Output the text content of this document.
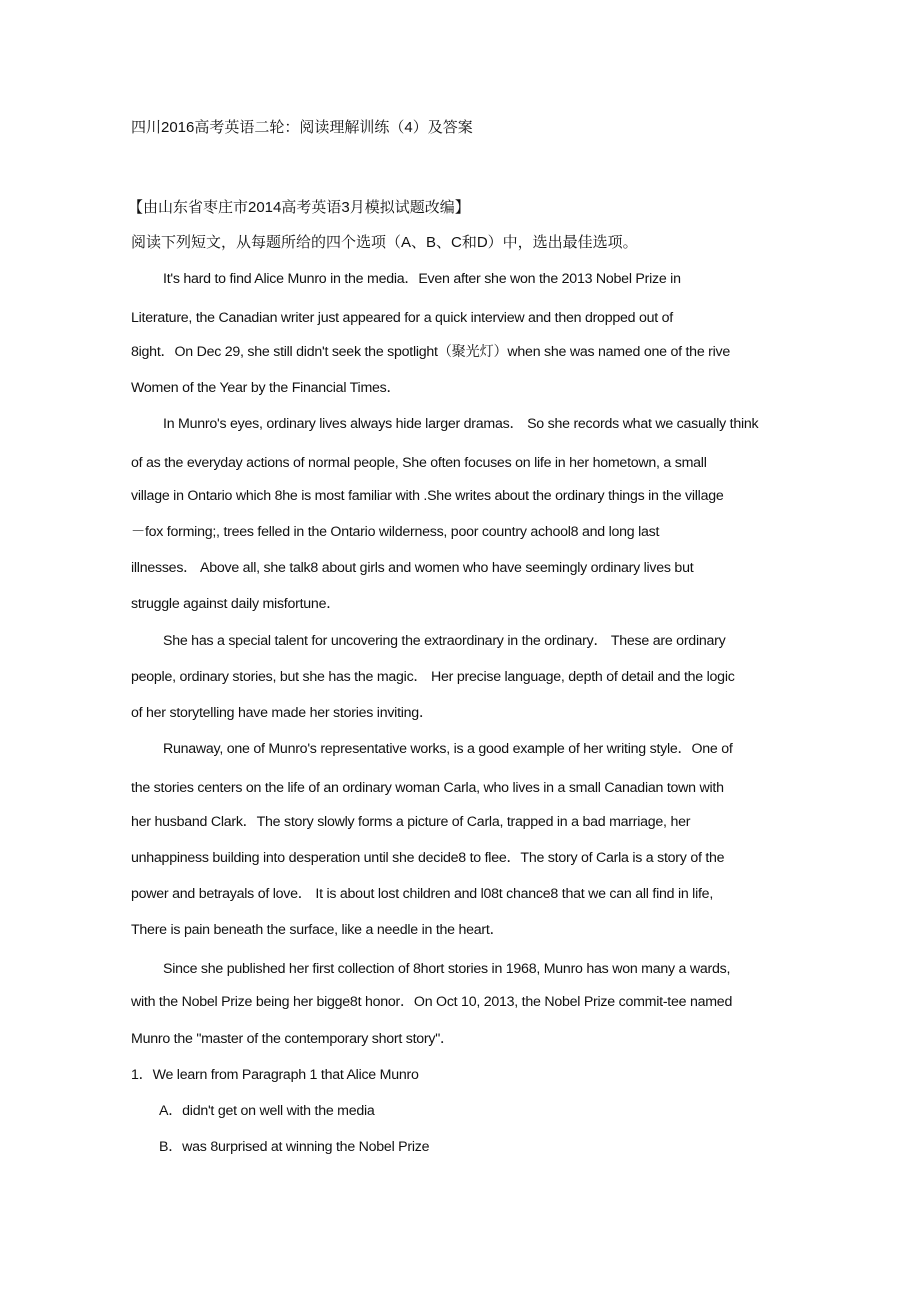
四川2016高考英语二轮：阅读理解训练（4）及答案
【由山东省枣庄市2014高考英语3月模拟试题改编】
阅读下列短文，从每题所给的四个选项（A、B、C和D）中，选出最佳选项。
It's hard to find Alice Munro in the media．Even after she won the 2013 Nobel Prize in
Literature, the Canadian writer just appeared for a quick interview and then dropped out of
8ight．On Dec 29, she still didn't seek the spotlight（聚光灯）when she was named one of the rive
Women of the Year by the Financial Times．
In Munro's eyes, ordinary lives always hide larger dramas． So she records what we casually think
of as the everyday actions of normal people, She often focuses on life in her hometown, a small
village in Ontario which 8he is most familiar with .She writes about the ordinary things in the village
－fox forming;, trees felled in the Ontario wilderness, poor country achool8 and long last
illnesses． Above all, she talk8 about girls and women who have seemingly ordinary lives but
struggle against daily misfortune．
She has a special talent for uncovering the extraordinary in the ordinary． These are ordinary
people, ordinary stories, but she has the magic． Her precise language, depth of detail and the logic
of her storytelling have made her stories inviting．
Runaway, one of Munro's representative works, is a good example of her writing style．One of
the stories centers on the life of an ordinary woman Carla, who lives in a small Canadian town with
her husband Clark．The story slowly forms a picture of Carla, trapped in a bad marriage, her
unhappiness building into desperation until she decide8 to flee．The story of Carla is a story of the
power and betrayals of love． It is about lost children and l08t chance8 that we can all find in life,
There is pain beneath the surface, like a needle in the heart．
Since she published her first collection of 8hort stories in 1968, Munro has won many a wards,
with the Nobel Prize being her bigge8t honor．On Oct 10, 2013, the Nobel Prize commit-tee named
Munro the "master of the contemporary short story"．
1．We learn from Paragraph 1 that Alice Munro
A．didn't get on well with the media
B．was 8urprised at winning the Nobel Prize
